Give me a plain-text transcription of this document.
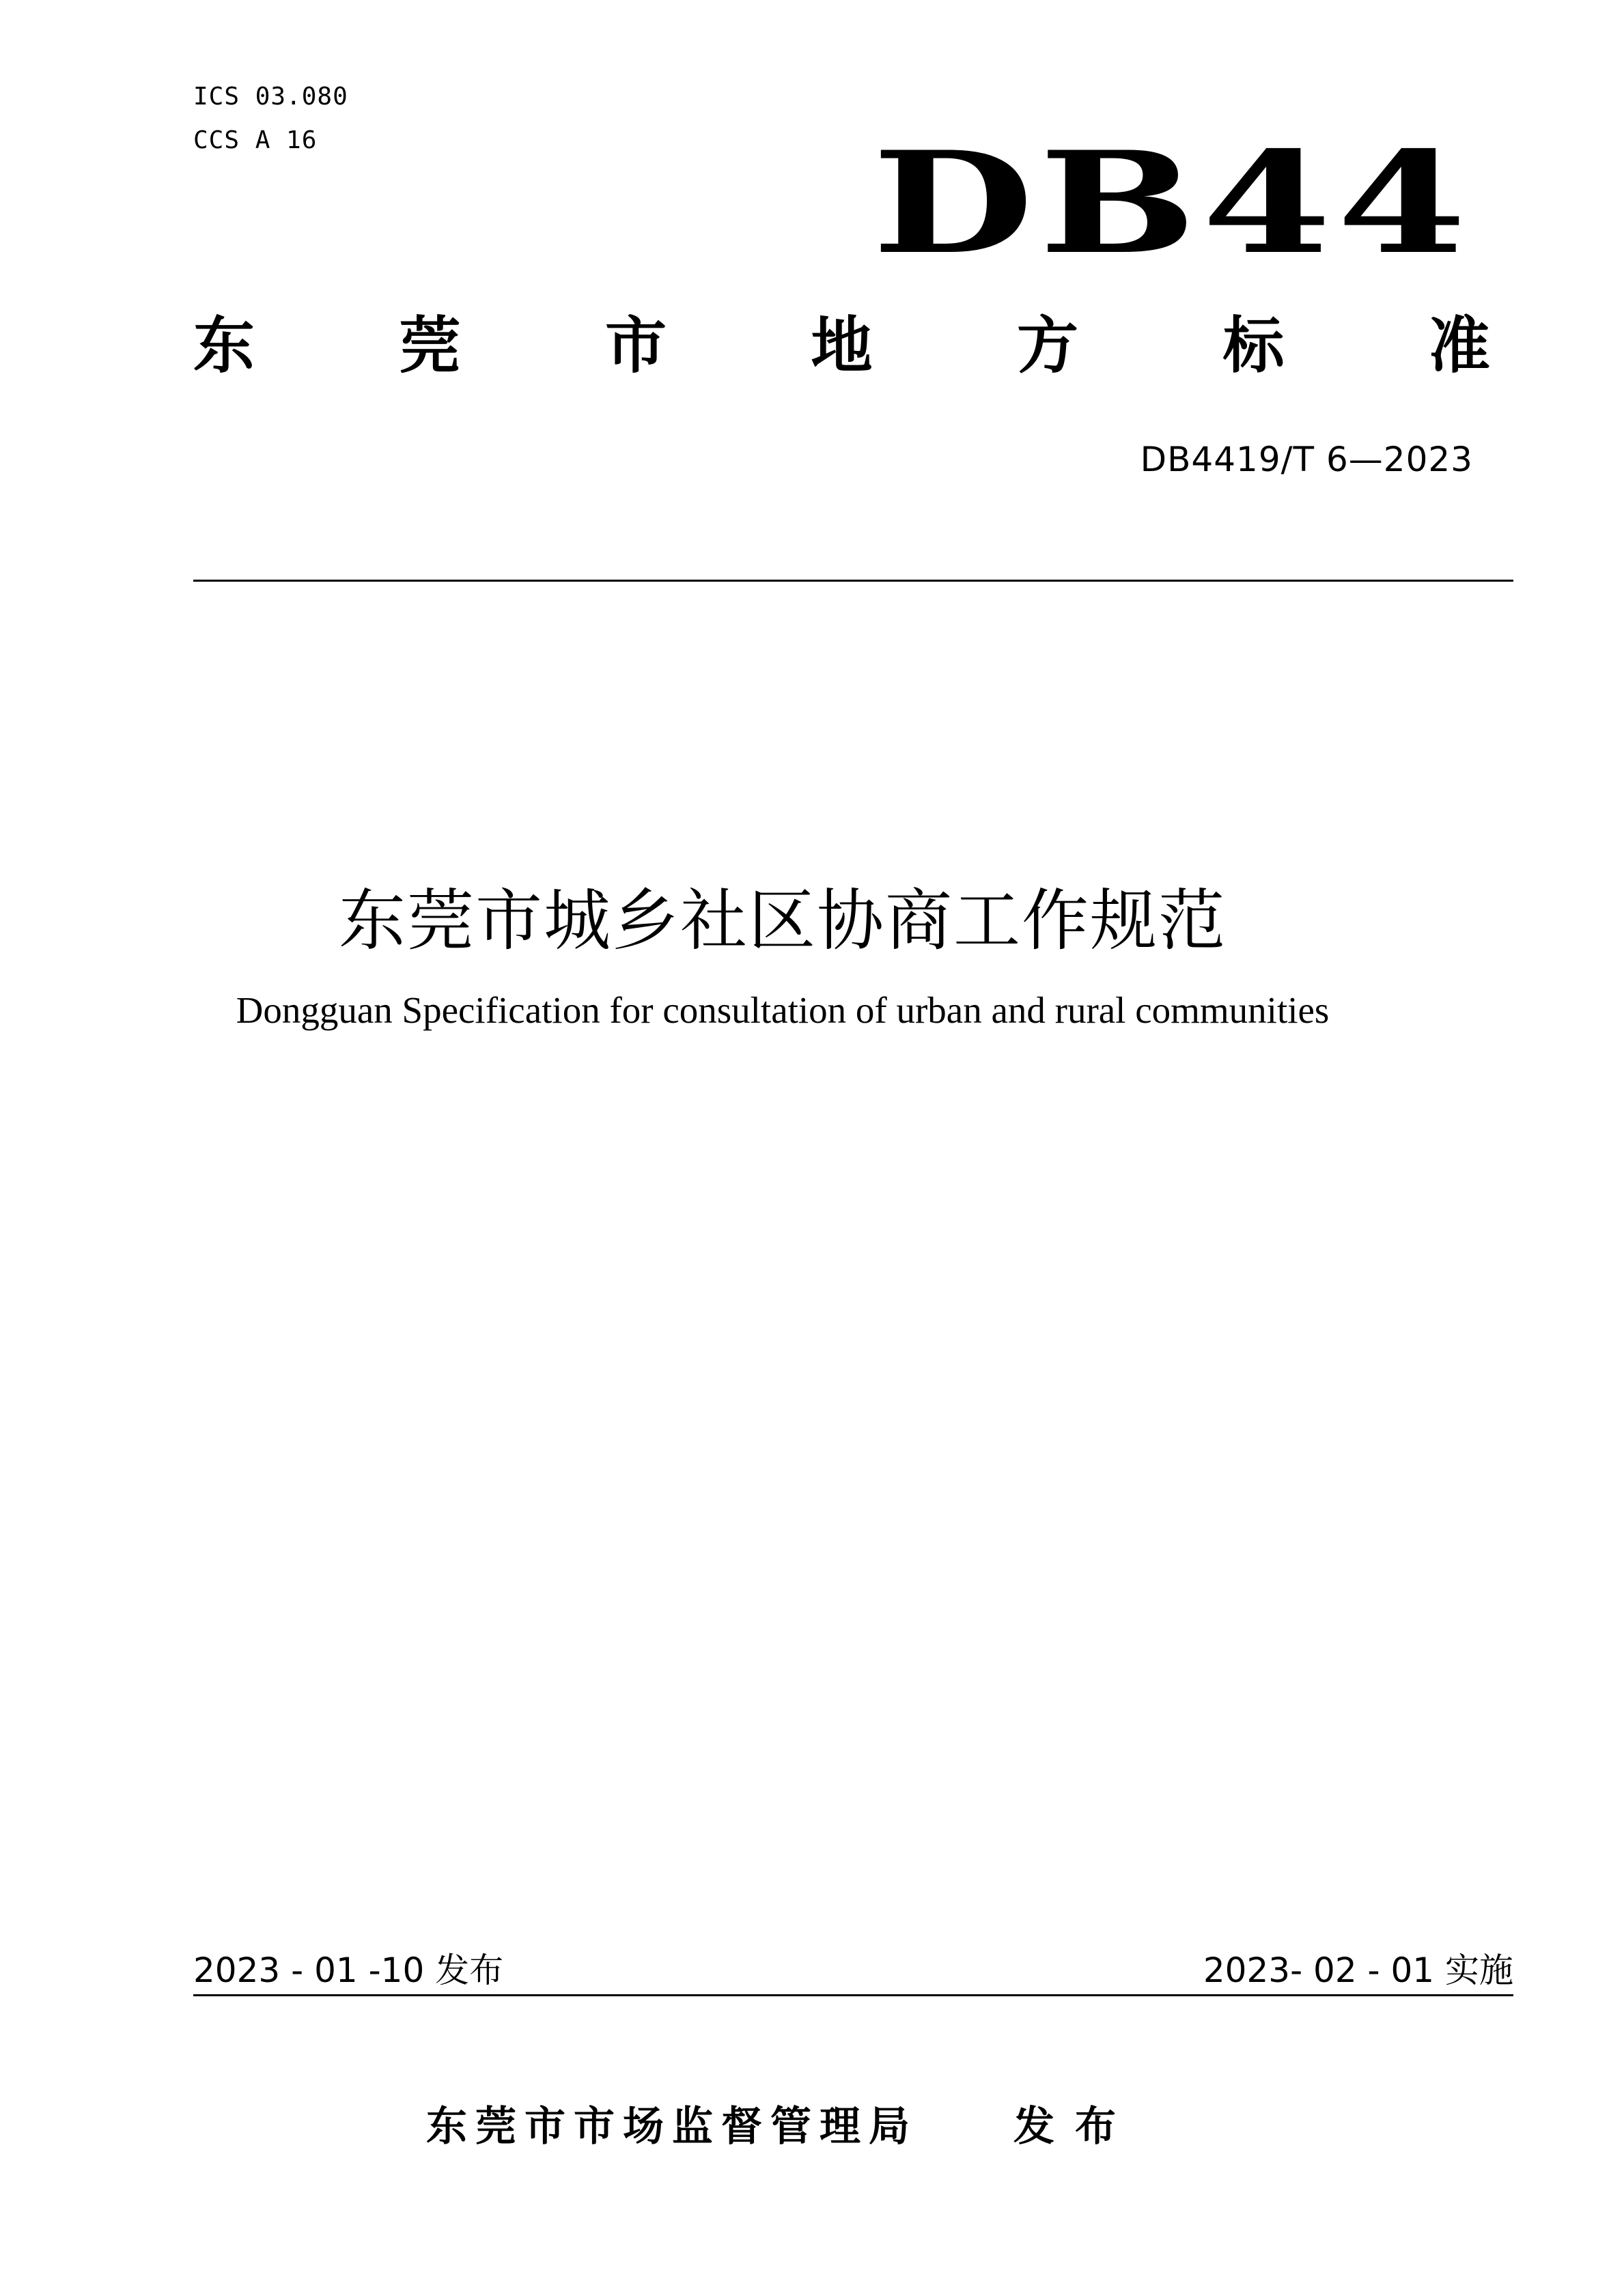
ICS 03.080
CCS A 16	DB44
东 莞 市 地 方 标 准
DB4419/T 6—2023
东莞市城乡社区协商工作规范
Dongguan Specification for consultation of urban and rural communities
2023 - 01 -10 发布	2023- 02 - 01 实施
东莞市市场监督管理局 发布
